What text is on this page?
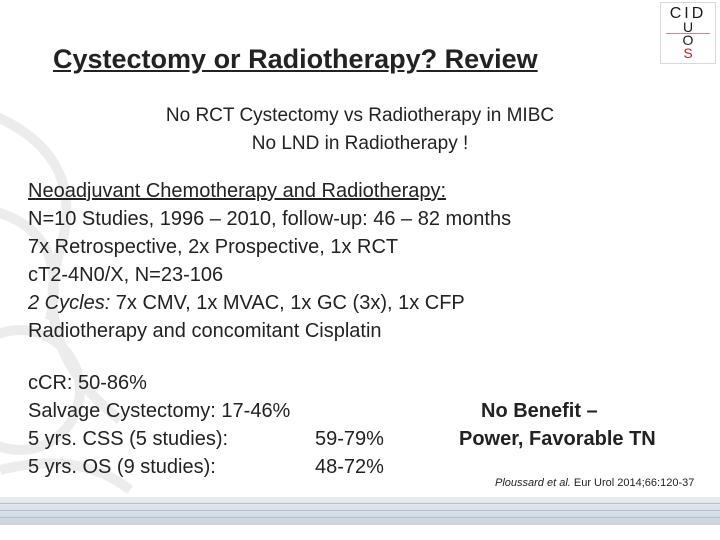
CID
U
O
S
Cystectomy or Radiotherapy? Review
No RCT Cystectomy vs Radiotherapy in MIBC
No LND in Radiotherapy !
Neoadjuvant Chemotherapy and Radiotherapy:
N=10 Studies, 1996 – 2010, follow-up: 46 – 82 months
7x Retrospective, 2x Prospective, 1x RCT
cT2-4N0/X, N=23-106
2 Cycles: 7x CMV, 1x MVAC, 1x GC (3x), 1x CFP
Radiotherapy and concomitant Cisplatin
cCR: 50-86%
Salvage Cystectomy: 17-46%
5 yrs. CSS (5 studies):	59-79%
5 yrs. OS (9 studies):	48-72%
No Benefit –
Power, Favorable TN
Ploussard et al. Eur Urol 2014;66:120-37
